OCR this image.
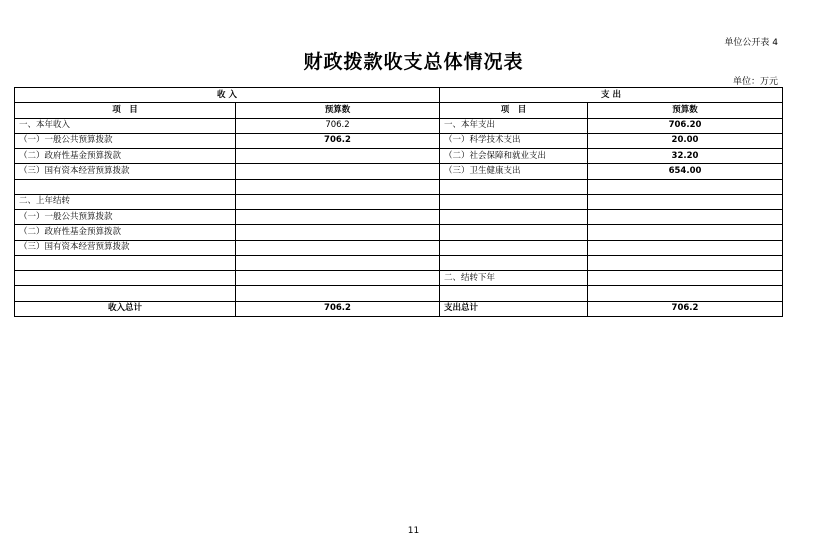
单位公开表 4
财政拨款收支总体情况表
单位：万元
收 入		支 出	
项　目	预算数	项　目	预算数
一、本年收入	706.2	一、本年支出	706.20
（一）一般公共预算拨款	706.2	（一）科学技术支出	20.00
（二）政府性基金预算拨款		（二）社会保障和就业支出	32.20
（三）国有资本经营预算拨款		（三）卫生健康支出	654.00

二、上年结转			
（一）一般公共预算拨款			
（二）政府性基金预算拨款			
（三）国有资本经营预算拨款			

		二、结转下年	

收入总计	706.2	支出总计	706.2
11
